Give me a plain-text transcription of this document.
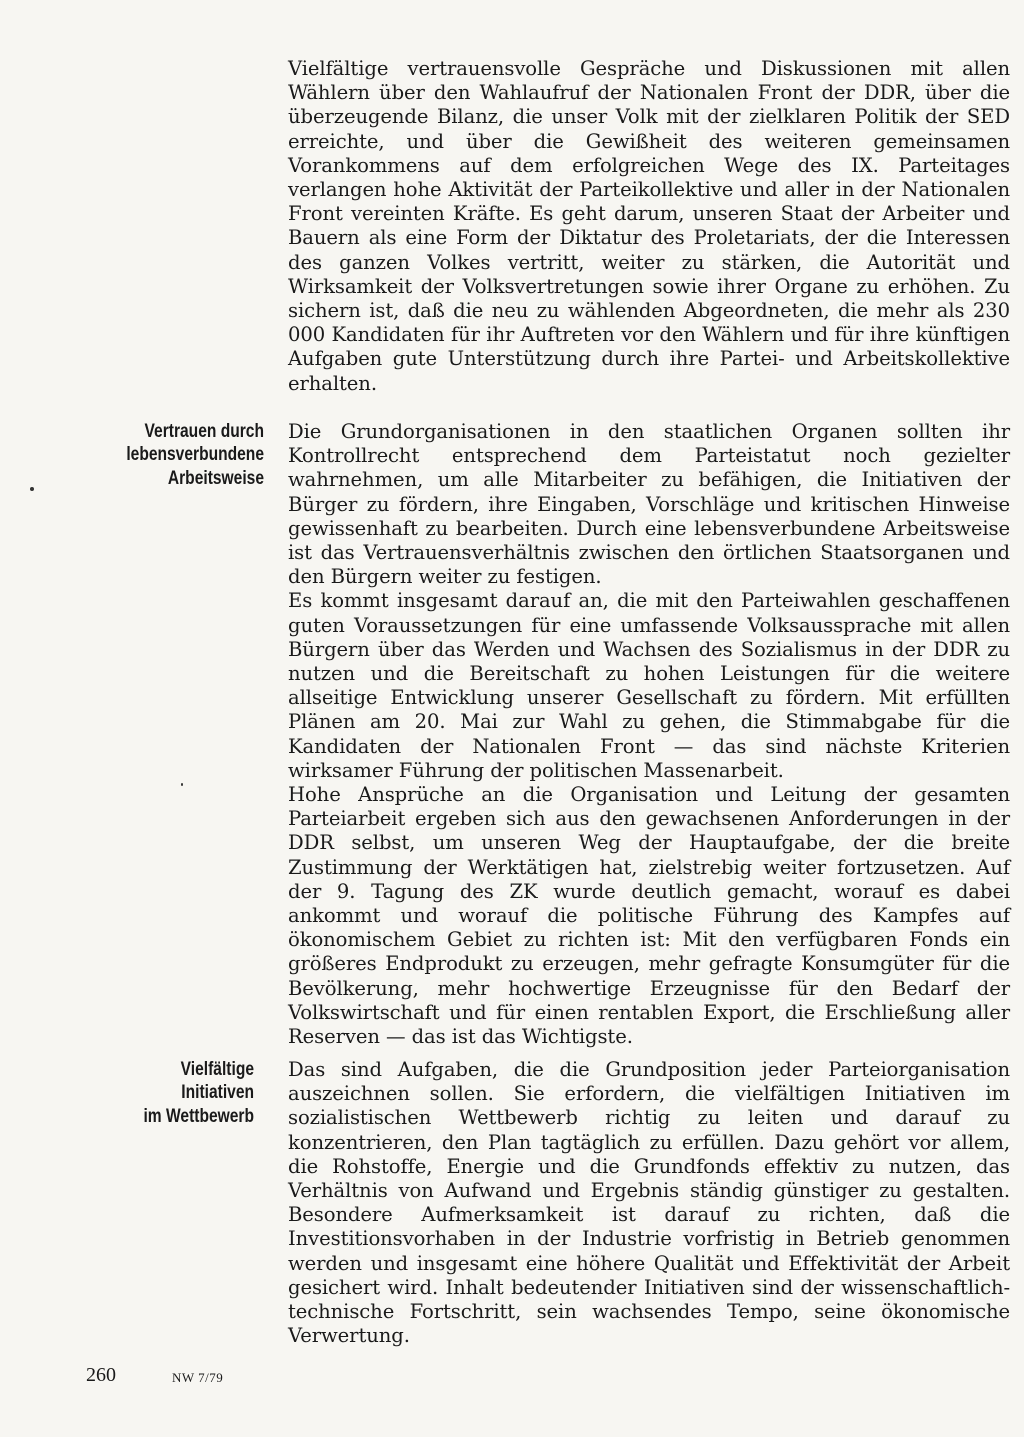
Vielfältige vertrauensvolle Gespräche und Diskussionen mit allen Wählern über den Wahlaufruf der Nationalen Front der DDR, über die überzeugende Bilanz, die unser Volk mit der zielklaren Politik der SED erreichte, und über die Gewißheit des weiteren gemeinsamen Vorankommens auf dem erfolgreichen Wege des IX. Parteitages verlangen hohe Aktivität der Parteikollektive und aller in der Nationalen Front vereinten Kräfte. Es geht darum, unseren Staat der Arbeiter und Bauern als eine Form der Diktatur des Proletariats, der die Interessen des ganzen Volkes vertritt, weiter zu stärken, die Autorität und Wirksamkeit der Volksvertretungen sowie ihrer Organe zu erhöhen. Zu sichern ist, daß die neu zu wählenden Abgeordneten, die mehr als 230 000 Kandidaten für ihr Auftreten vor den Wählern und für ihre künftigen Aufgaben gute Unterstützung durch ihre Partei- und Arbeitskollektive erhalten.

Vertrauen durch
lebensverbundene
Arbeitsweise

Die Grundorganisationen in den staatlichen Organen sollten ihr Kontrollrecht entsprechend dem Parteistatut noch gezielter wahrnehmen, um alle Mitarbeiter zu befähigen, die Initiativen der Bürger zu fördern, ihre Eingaben, Vorschläge und kritischen Hinweise gewissenhaft zu bearbeiten. Durch eine lebensverbundene Arbeitsweise ist das Vertrauensverhältnis zwischen den örtlichen Staatsorganen und den Bürgern weiter zu festigen.

Es kommt insgesamt darauf an, die mit den Parteiwahlen geschaffenen guten Voraussetzungen für eine umfassende Volksaussprache mit allen Bürgern über das Werden und Wachsen des Sozialismus in der DDR zu nutzen und die Bereitschaft zu hohen Leistungen für die weitere allseitige Entwicklung unserer Gesellschaft zu fördern. Mit erfüllten Plänen am 20. Mai zur Wahl zu gehen, die Stimmabgabe für die Kandidaten der Nationalen Front — das sind nächste Kriterien wirksamer Führung der politischen Massenarbeit.

Hohe Ansprüche an die Organisation und Leitung der gesamten Parteiarbeit ergeben sich aus den gewachsenen Anforderungen in der DDR selbst, um unseren Weg der Hauptaufgabe, der die breite Zustimmung der Werktätigen hat, zielstrebig weiter fortzusetzen. Auf der 9. Tagung des ZK wurde deutlich gemacht, worauf es dabei ankommt und worauf die politische Führung des Kampfes auf ökonomischem Gebiet zu richten ist: Mit den verfügbaren Fonds ein größeres Endprodukt zu erzeugen, mehr gefragte Konsumgüter für die Bevölkerung, mehr hochwertige Erzeugnisse für den Bedarf der Volkswirtschaft und für einen rentablen Export, die Erschließung aller Reserven — das ist das Wichtigste.

Vielfältige
Initiativen
im Wettbewerb

Das sind Aufgaben, die die Grundposition jeder Parteiorganisation auszeichnen sollen. Sie erfordern, die vielfältigen Initiativen im sozialistischen Wettbewerb richtig zu leiten und darauf zu konzentrieren, den Plan tagtäglich zu erfüllen. Dazu gehört vor allem, die Rohstoffe, Energie und die Grundfonds effektiv zu nutzen, das Verhältnis von Aufwand und Ergebnis ständig günstiger zu gestalten. Besondere Aufmerksamkeit ist darauf zu richten, daß die Investitionsvorhaben in der Industrie vorfristig in Betrieb genommen werden und insgesamt eine höhere Qualität und Effektivität der Arbeit gesichert wird. Inhalt bedeutender Initiativen sind der wissenschaftlich-technische Fortschritt, sein wachsendes Tempo, seine ökonomische Verwertung.

260	NW 7/79
